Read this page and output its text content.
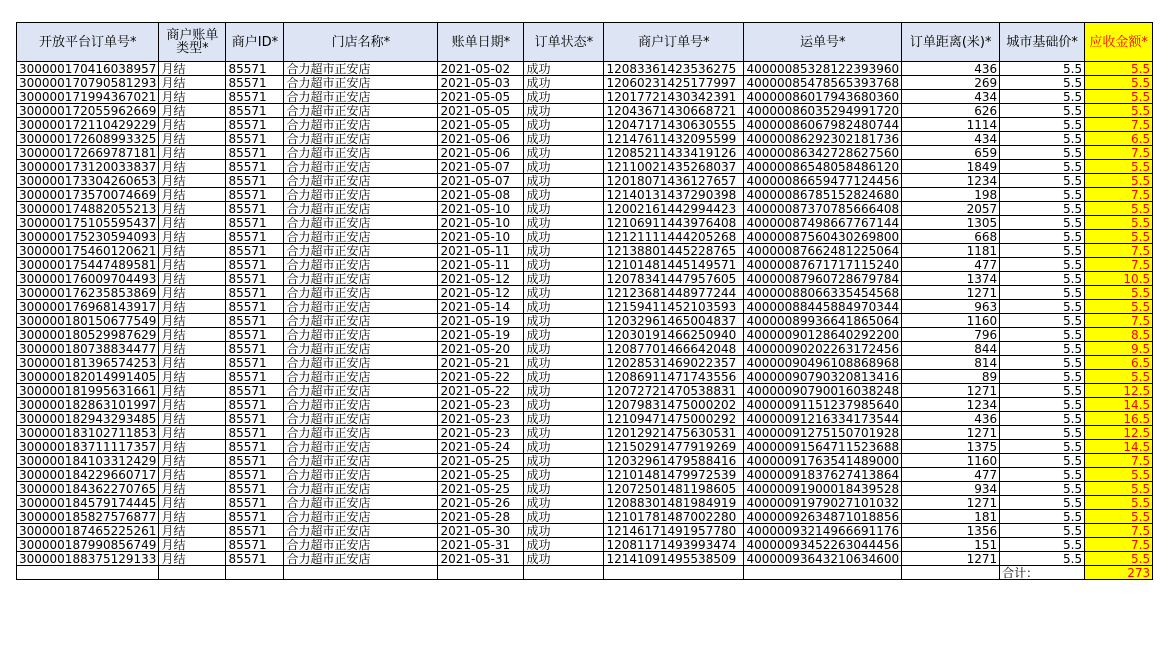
开放平台订单号*	商户账单类型*	商户ID*	门店名称*	账单日期*	订单状态*	商户订单号*	运单号*	订单距离(米)*	城市基础价*	应收金额*
300000170416038957	月结	85571	合力超市正安店	2021-05-02	成功	12083361423536275	40000085328122393960	436	5.5	5.5
300000170790581293	月结	85571	合力超市正安店	2021-05-03	成功	12060231425177997	40000085478565393768	269	5.5	5.5
300000171994367021	月结	85571	合力超市正安店	2021-05-05	成功	12017721430342391	40000086017943680360	434	5.5	5.5
300000172055962669	月结	85571	合力超市正安店	2021-05-05	成功	12043671430668721	40000086035294991720	626	5.5	5.5
300000172110429229	月结	85571	合力超市正安店	2021-05-05	成功	12047171430630555	40000086067982480744	1114	5.5	7.5
300000172608993325	月结	85571	合力超市正安店	2021-05-06	成功	12147611432095599	40000086292302181736	434	5.5	6.5
300000172669787181	月结	85571	合力超市正安店	2021-05-06	成功	12085211433419126	40000086342728627560	659	5.5	7.5
300000173120033837	月结	85571	合力超市正安店	2021-05-07	成功	12110021435268037	40000086548058486120	1849	5.5	5.5
300000173304260653	月结	85571	合力超市正安店	2021-05-07	成功	12018071436127657	40000086659477124456	1234	5.5	5.5
300000173570074669	月结	85571	合力超市正安店	2021-05-08	成功	12140131437290398	40000086785152824680	198	5.5	7.5
300000174882055213	月结	85571	合力超市正安店	2021-05-10	成功	12002161442994423	40000087370785666408	2057	5.5	5.5
300000175105595437	月结	85571	合力超市正安店	2021-05-10	成功	12106911443976408	40000087498667767144	1305	5.5	5.5
300000175230594093	月结	85571	合力超市正安店	2021-05-10	成功	12121111444205268	40000087560430269800	668	5.5	5.5
300000175460120621	月结	85571	合力超市正安店	2021-05-11	成功	12138801445228765	40000087662481225064	1181	5.5	7.5
300000175447489581	月结	85571	合力超市正安店	2021-05-11	成功	12101481445149571	40000087671717115240	477	5.5	7.5
300000176009704493	月结	85571	合力超市正安店	2021-05-12	成功	12078341447957605	40000087960728679784	1374	5.5	10.5
300000176235853869	月结	85571	合力超市正安店	2021-05-12	成功	12123681448977244	40000088066335454568	1271	5.5	5.5
300000176968143917	月结	85571	合力超市正安店	2021-05-14	成功	12159411452103593	40000088445884970344	963	5.5	5.5
300000180150677549	月结	85571	合力超市正安店	2021-05-19	成功	12032961465004837	40000089936641865064	1160	5.5	7.5
300000180529987629	月结	85571	合力超市正安店	2021-05-19	成功	12030191466250940	40000090128640292200	796	5.5	8.5
300000180738834477	月结	85571	合力超市正安店	2021-05-20	成功	12087701466642048	40000090202263172456	844	5.5	9.5
300000181396574253	月结	85571	合力超市正安店	2021-05-21	成功	12028531469022357	40000090496108868968	814	5.5	6.5
300000182014991405	月结	85571	合力超市正安店	2021-05-22	成功	12086911471743556	40000090790320813416	89	5.5	5.5
300000181995631661	月结	85571	合力超市正安店	2021-05-22	成功	12072721470538831	40000090790016038248	1271	5.5	12.5
300000182863101997	月结	85571	合力超市正安店	2021-05-23	成功	12079831475000202	40000091151237985640	1234	5.5	14.5
300000182943293485	月结	85571	合力超市正安店	2021-05-23	成功	12109471475000292	40000091216334173544	436	5.5	16.5
300000183102711853	月结	85571	合力超市正安店	2021-05-23	成功	12012921475630531	40000091275150701928	1271	5.5	12.5
300000183711117357	月结	85571	合力超市正安店	2021-05-24	成功	12150291477919269	40000091564711523688	1375	5.5	14.5
300000184103312429	月结	85571	合力超市正安店	2021-05-25	成功	12032961479588416	40000091763541489000	1160	5.5	7.5
300000184229660717	月结	85571	合力超市正安店	2021-05-25	成功	12101481479972539	40000091837627413864	477	5.5	5.5
300000184362270765	月结	85571	合力超市正安店	2021-05-25	成功	12072501481198605	40000091900018439528	934	5.5	5.5
300000184579174445	月结	85571	合力超市正安店	2021-05-26	成功	12088301481984919	40000091979027101032	1271	5.5	5.5
300000185827576877	月结	85571	合力超市正安店	2021-05-28	成功	12101781487002280	40000092634871018856	181	5.5	5.5
300000187465225261	月结	85571	合力超市正安店	2021-05-30	成功	12146171491957780	40000093214966691176	1356	5.5	7.5
300000187990856749	月结	85571	合力超市正安店	2021-05-31	成功	12081171493993474	40000093452263044456	151	5.5	7.5
300000188375129133	月结	85571	合力超市正安店	2021-05-31	成功	12141091495538509	40000093643210634600	1271	5.5	5.5
									合计：	273
